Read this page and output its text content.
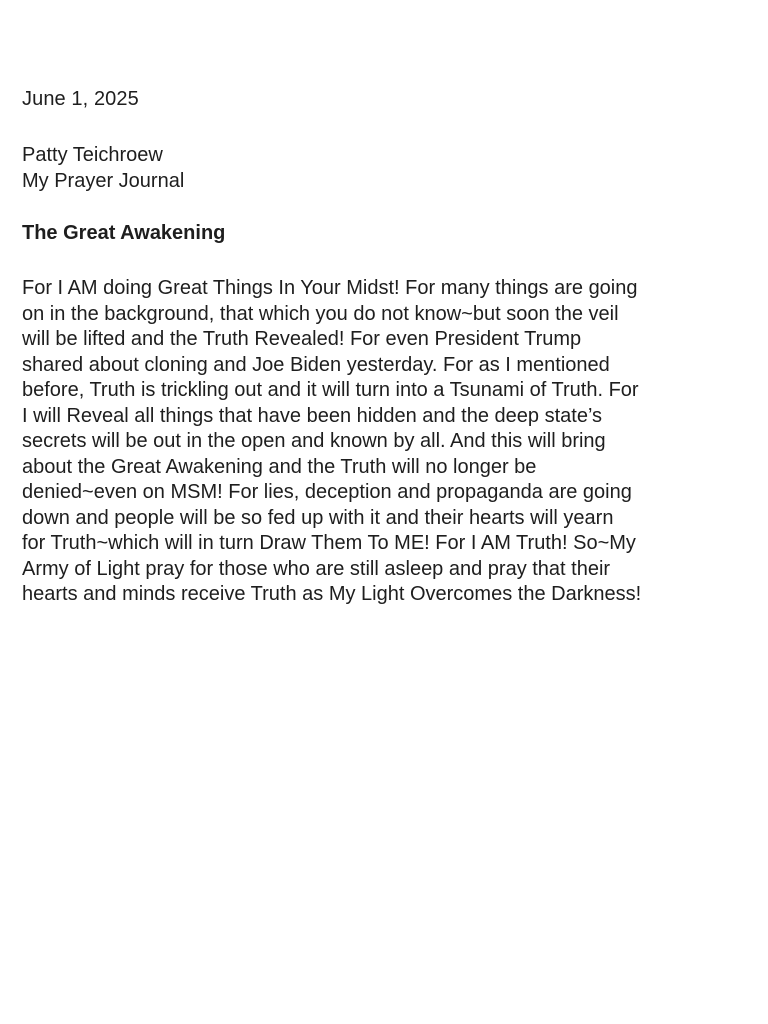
June 1, 2025
Patty Teichroew
My Prayer Journal
The Great Awakening
For I AM doing Great Things In Your Midst! For many things are going
on in the background, that which you do not know~but soon the veil
will be lifted and the Truth Revealed! For even President Trump
shared about cloning and Joe Biden yesterday. For as I mentioned
before, Truth is trickling out and it will turn into a Tsunami of Truth. For
I will Reveal all things that have been hidden and the deep state’s
secrets will be out in the open and known by all. And this will bring
about the Great Awakening and the Truth will no longer be
denied~even on MSM! For lies, deception and propaganda are going
down and people will be so fed up with it and their hearts will yearn
for Truth~which will in turn Draw Them To ME! For I AM Truth! So~My
Army of Light pray for those who are still asleep and pray that their
hearts and minds receive Truth as My Light Overcomes the Darkness!
